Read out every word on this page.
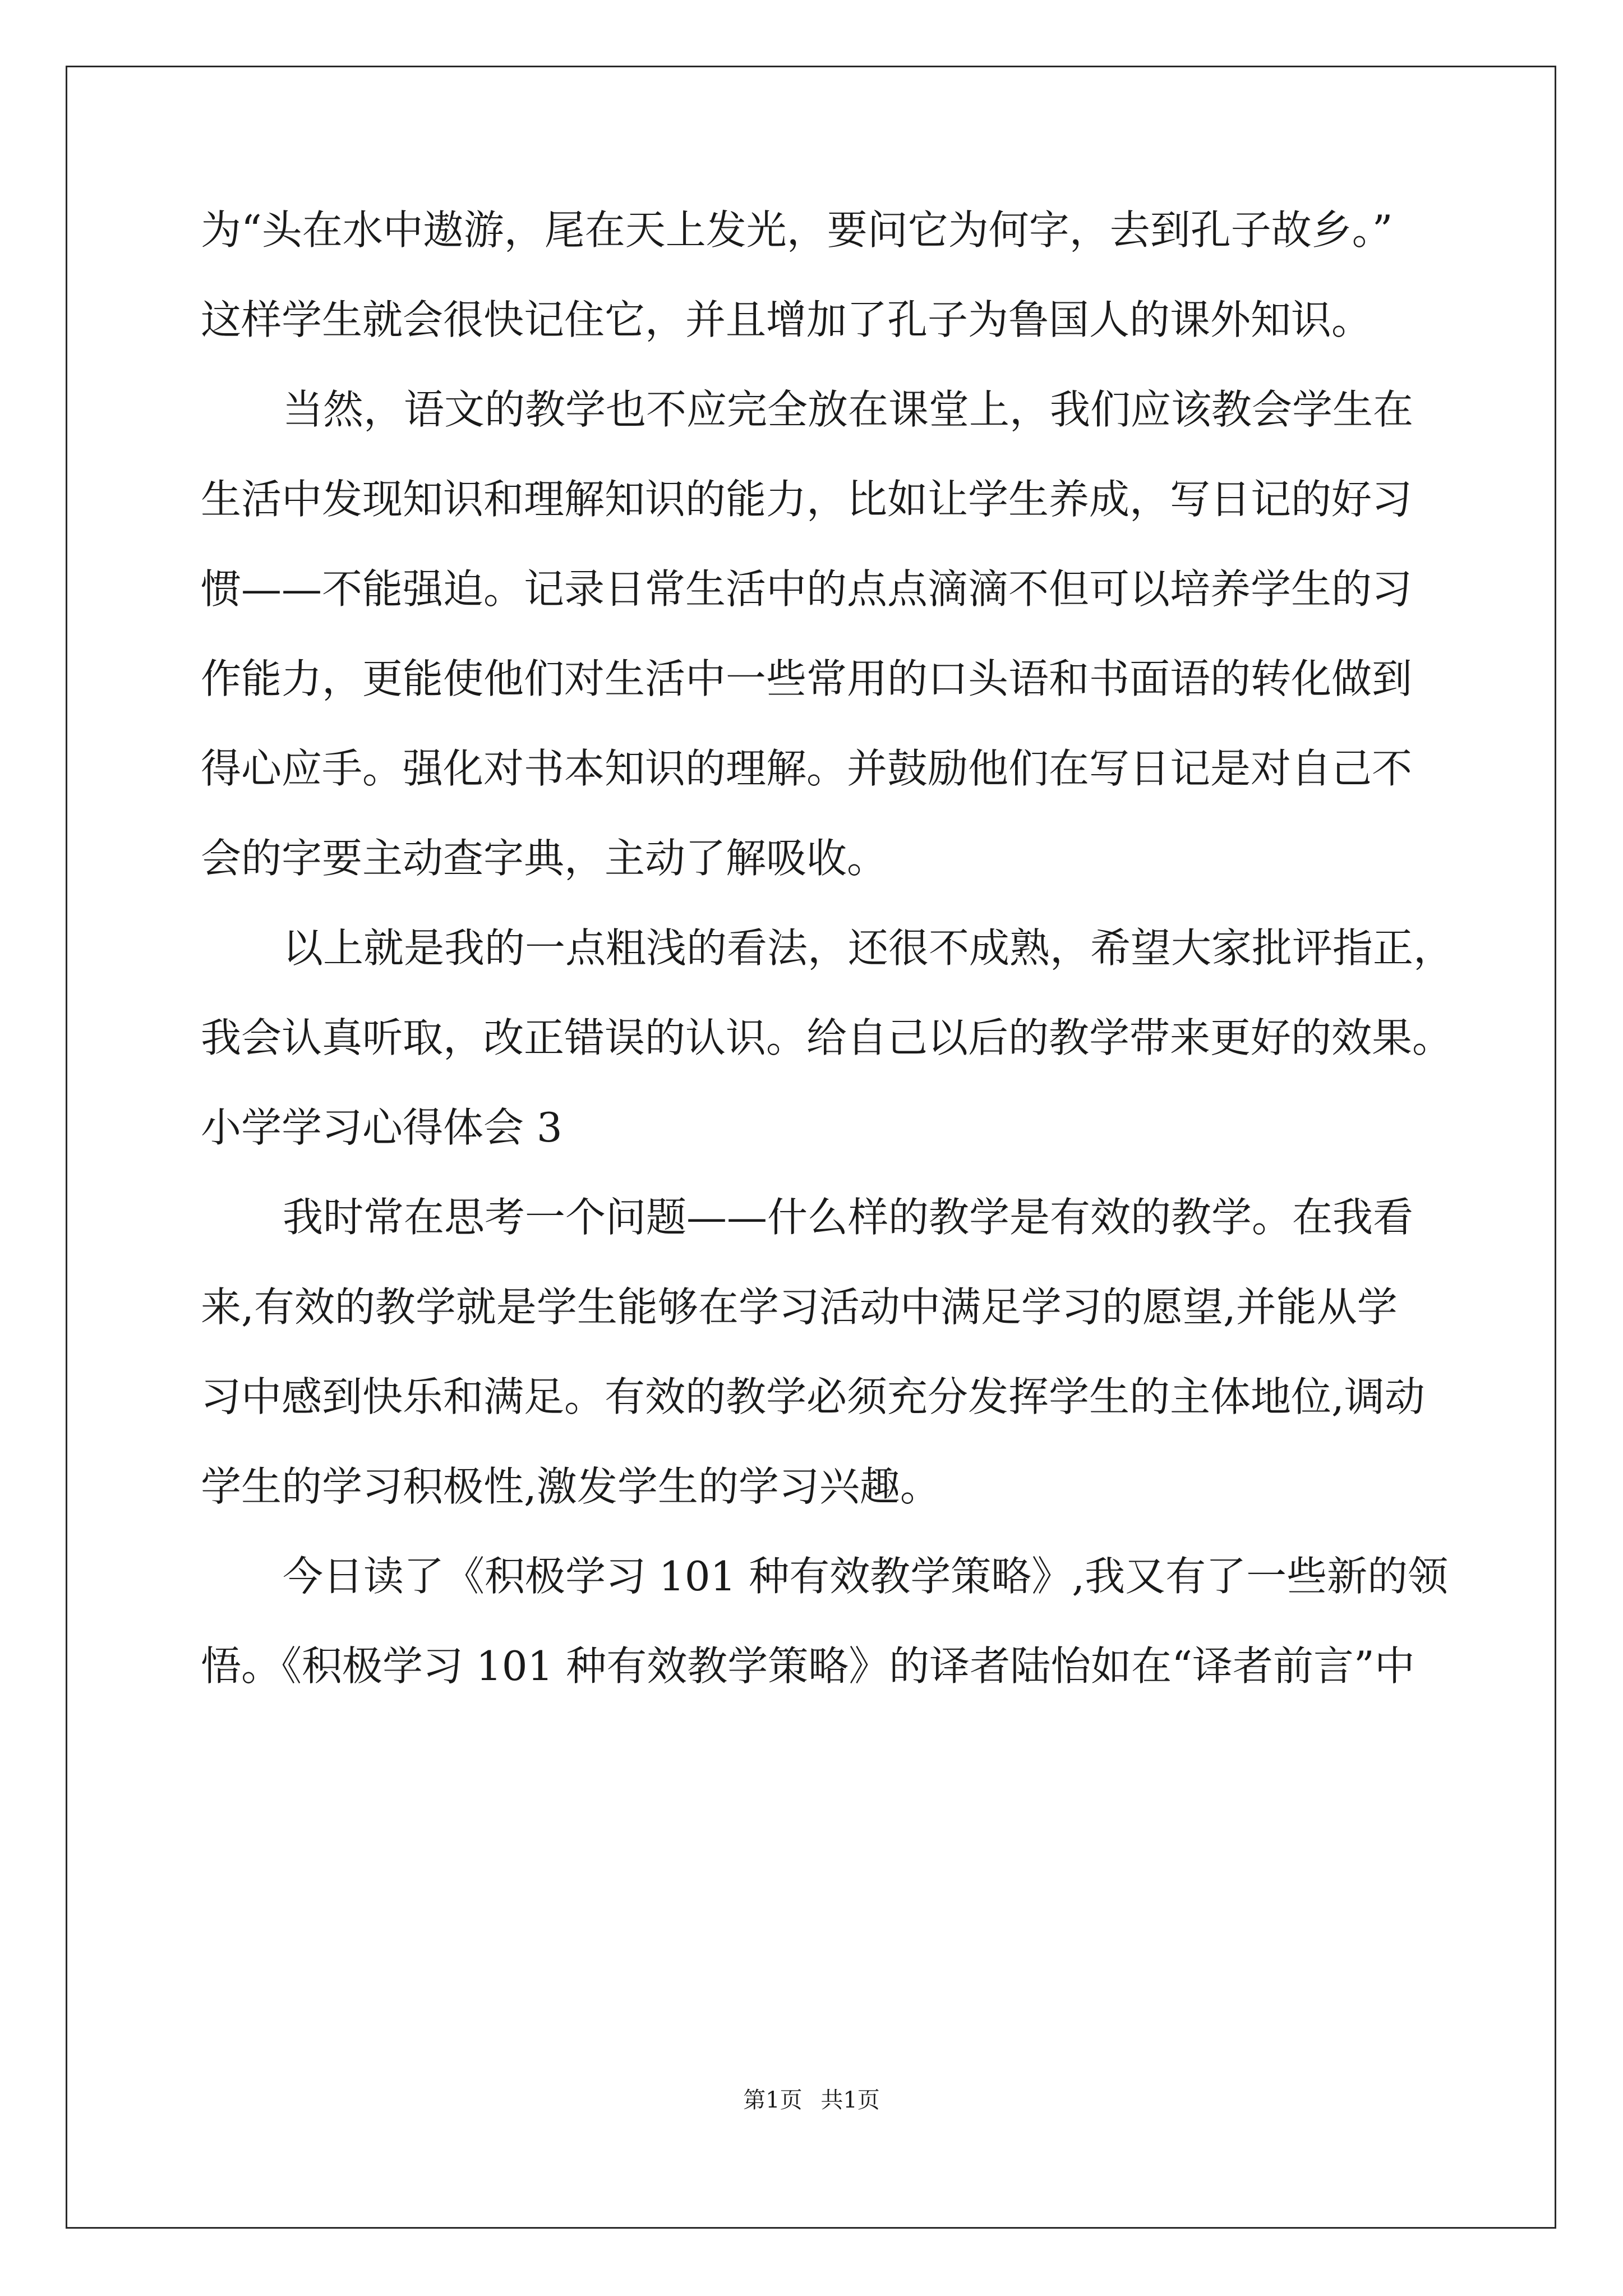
为“头在水中遨游，尾在天上发光，要问它为何字，去到孔子故乡。”

这样学生就会很快记住它，并且增加了孔子为鲁国人的课外知识。

当然，语文的教学也不应完全放在课堂上，我们应该教会学生在

生活中发现知识和理解知识的能力，比如让学生养成，写日记的好习

惯——不能强迫。记录日常生活中的点点滴滴不但可以培养学生的习

作能力，更能使他们对生活中一些常用的口头语和书面语的转化做到

得心应手。强化对书本知识的理解。并鼓励他们在写日记是对自己不

会的字要主动查字典，主动了解吸收。

以上就是我的一点粗浅的看法，还很不成熟，希望大家批评指正，

我会认真听取，改正错误的认识。给自己以后的教学带来更好的效果。

小学学习心得体会 3

我时常在思考一个问题——什么样的教学是有效的教学。在我看

来,有效的教学就是学生能够在学习活动中满足学习的愿望,并能从学

习中感到快乐和满足。有效的教学必须充分发挥学生的主体地位,调动

学生的学习积极性,激发学生的学习兴趣。

今日读了《积极学习 101 种有效教学策略》,我又有了一些新的领

悟。《积极学习 101 种有效教学策略》的译者陆怡如在“译者前言”中

第1页 共1页
